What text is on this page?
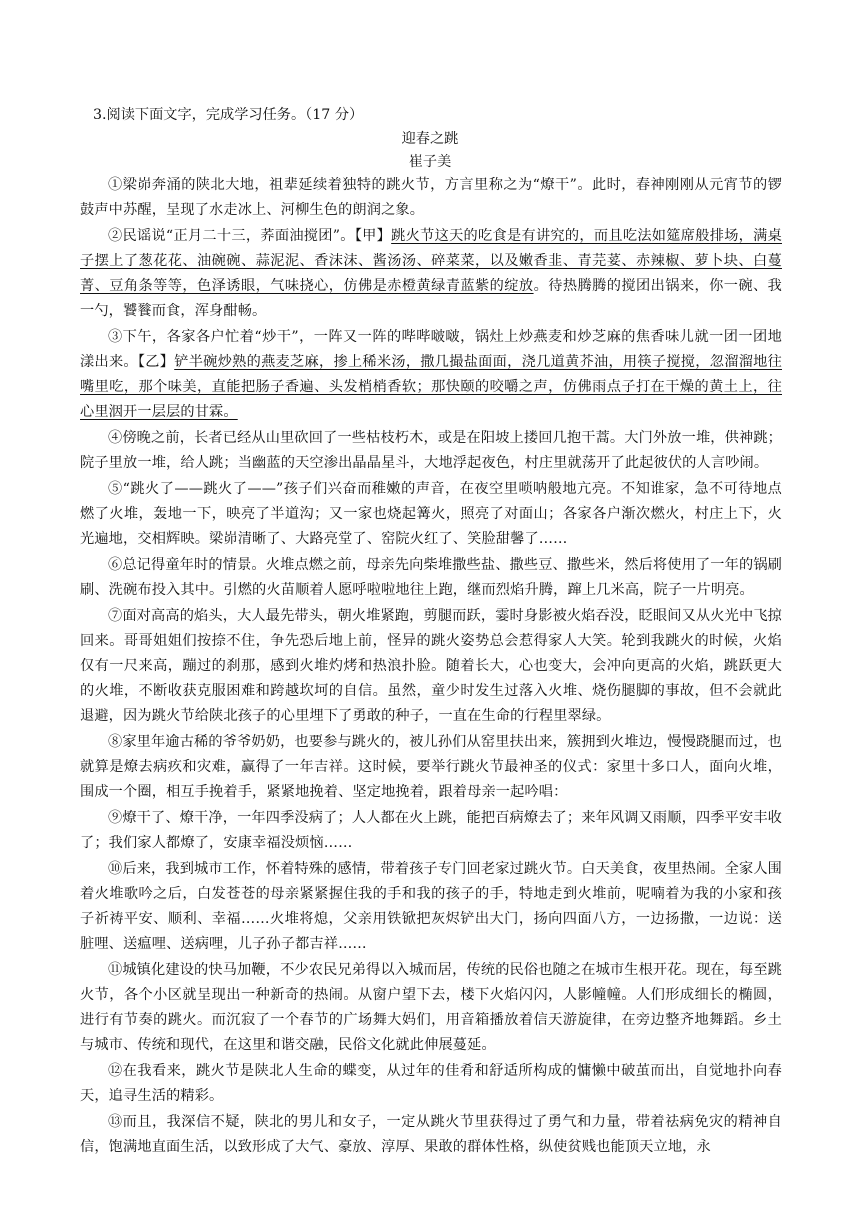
3.阅读下面文字，完成学习任务。（17 分）
迎春之跳
崔子美

①梁峁奔涌的陕北大地，祖辈延续着独特的跳火节，方言里称之为“燎干”。此时，春神刚刚从元宵节的锣鼓声中苏醒，呈现了水走冰上、河柳生色的朗润之象。

②民谣说“正月二十三，荞面油搅团”。【甲】跳火节这天的吃食是有讲究的，而且吃法如筵席般排场，满桌子摆上了葱花花、油碗碗、蒜泥泥、香沫沫、酱汤汤、碎菜菜，以及嫩香韭、青芫荽、赤辣椒、萝卜块、白蔓菁、豆角条等等，色泽诱眼，气味挠心，仿佛是赤橙黄绿青蓝紫的绽放。待热腾腾的搅团出锅来，你一碗、我一勺，饕餮而食，浑身酣畅。

③下午，各家各户忙着“炒干”，一阵又一阵的哔哔啵啵，锅灶上炒燕麦和炒芝麻的焦香味儿就一团一团地漾出来。【乙】铲半碗炒熟的燕麦芝麻，掺上稀米汤，撒几撮盐面面，浇几道黄芥油，用筷子搅搅，忽溜溜地往嘴里吃，那个味美，直能把肠子香遍、头发梢梢香软；那快颐的咬嚼之声，仿佛雨点子打在干燥的黄土上，往心里洇开一层层的甘霖。

④傍晚之前，长者已经从山里砍回了一些枯枝朽木，或是在阳坡上搂回几抱干蒿。大门外放一堆，供神跳；院子里放一堆，给人跳；当幽蓝的天空渗出晶晶星斗，大地浮起夜色，村庄里就荡开了此起彼伏的人言吵闹。

⑤“跳火了——跳火了——”孩子们兴奋而稚嫩的声音，在夜空里唢呐般地亢亮。不知谁家，急不可待地点燃了火堆，轰地一下，映亮了半道沟；又一家也烧起篝火，照亮了对面山；各家各户渐次燃火，村庄上下，火光遍地，交相辉映。梁峁清晰了、大路亮堂了、窑院火红了、笑脸甜馨了……

⑥总记得童年时的情景。火堆点燃之前，母亲先向柴堆撒些盐、撒些豆、撒些米，然后将使用了一年的锅刷刷、洗碗布投入其中。引燃的火苗顺着人愿呼啦啦地往上跑，继而烈焰升腾，蹿上几米高，院子一片明亮。

⑦面对高高的焰头，大人最先带头，朝火堆紧跑，剪腿而跃，霎时身影被火焰吞没，眨眼间又从火光中飞掠回来。哥哥姐姐们按捺不住，争先恐后地上前，怪异的跳火姿势总会惹得家人大笑。轮到我跳火的时候，火焰仅有一尺来高，蹦过的刹那，感到火堆灼烤和热浪扑脸。随着长大，心也变大，会冲向更高的火焰，跳跃更大的火堆，不断收获克服困难和跨越坎坷的自信。虽然，童少时发生过落入火堆、烧伤腿脚的事故，但不会就此退避，因为跳火节给陕北孩子的心里埋下了勇敢的种子，一直在生命的行程里翠绿。

⑧家里年逾古稀的爷爷奶奶，也要参与跳火的，被儿孙们从窑里扶出来，簇拥到火堆边，慢慢跷腿而过，也就算是燎去病疚和灾难，赢得了一年吉祥。这时候，要举行跳火节最神圣的仪式：家里十多口人，面向火堆，围成一个圈，相互手挽着手，紧紧地挽着、坚定地挽着，跟着母亲一起吟唱：

⑨燎干了、燎干净，一年四季没病了；人人都在火上跳，能把百病燎去了；来年风调又雨顺，四季平安丰收了；我们家人都燎了，安康幸福没烦恼……

⑩后来，我到城市工作，怀着特殊的感情，带着孩子专门回老家过跳火节。白天美食，夜里热闹。全家人围着火堆歌吟之后，白发苍苍的母亲紧紧握住我的手和我的孩子的手，特地走到火堆前，呢喃着为我的小家和孩子祈祷平安、顺利、幸福……火堆将熄，父亲用铁锨把灰烬铲出大门，扬向四面八方，一边扬撒，一边说：送脏哩、送瘟哩、送病哩，儿子孙子都吉祥……

⑪城镇化建设的快马加鞭，不少农民兄弟得以入城而居，传统的民俗也随之在城市生根开花。现在，每至跳火节，各个小区就呈现出一种新奇的热闹。从窗户望下去，楼下火焰闪闪，人影幢幢。人们形成细长的椭圆，进行有节奏的跳火。而沉寂了一个春节的广场舞大妈们，用音箱播放着信天游旋律，在旁边整齐地舞蹈。乡土与城市、传统和现代，在这里和谐交融，民俗文化就此伸展蔓延。

⑫在我看来，跳火节是陕北人生命的蝶变，从过年的佳肴和舒适所构成的慵懒中破茧而出，自觉地扑向春天，追寻生活的精彩。

⑬而且，我深信不疑，陕北的男儿和女子，一定从跳火节里获得过了勇气和力量，带着祛病免灾的精神自信，饱满地直面生活，以致形成了大气、豪放、淳厚、果敢的群体性格，纵使贫贱也能顶天立地，永
